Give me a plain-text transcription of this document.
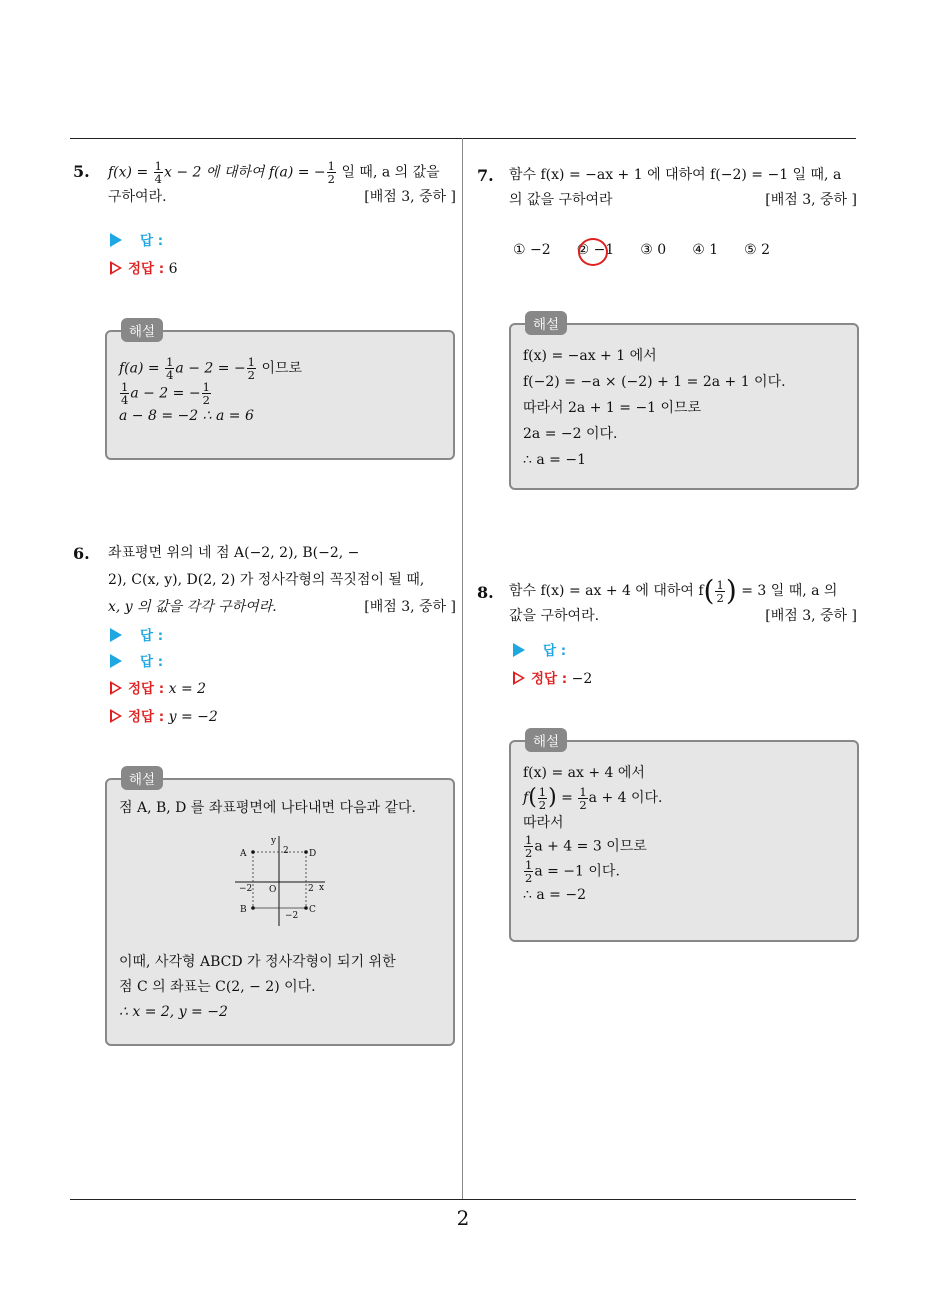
2
5. $f(x) = \frac{1}{4}$ x − 2 에 대하여 f(a) = − $\frac{1}{2}$ 일 때, a 의 값을
구하여라.	[배점 3, 중하 ]
답 :
정답 : 6
해설
$f(a) = \frac{1}{4}$ a − 2 = − $\frac{1}{2}$ 이므로
$\frac{1}{4}$ a − 2 = − $\frac{1}{2}$
a − 8 = −2 ∴ a = 6
6. 좌표평면 위의 네 점 A(−2, 2), B(−2, −
2), C(x, y), D(2, 2) 가 정사각형의 꼭짓점이 될 때,
x, y 의 값을 각각 구하여라.	[배점 3, 중하 ]
답 :
답 :
정답 : x = 2
정답 : y = −2
해설
점 A, B, D 를 좌표평면에 나타내면 다음과 같다.
y
2
A	D
O
−2	2 x
B	C
−2
이때, 사각형 ABCD 가 정사각형이 되기 위한
점 C 의 좌표는 C(2, − 2) 이다.
∴ x = 2, y = −2
7. 함수 f(x) = −ax + 1 에 대하여 f(−2) = −1 일 때, a
의 값을 구하여라	[배점 3, 중하 ]
① −2 ② −1 ③ 0 ④ 1 ⑤ 2
해설
f(x) = −ax + 1 에서
f(−2) = −a × (−2) + 1 = 2a + 1 이다.
따라서 2a + 1 = −1 이므로
2a = −2 이다.
∴ a = −1
8. 함수 f(x) = ax + 4 에 대하여 $f( \frac{1}{2}$ ) = 3 일 때, a 의
값을 구하여라.	[배점 3, 중하 ]
답 :
정답 : −2
해설
f(x) = ax + 4 에서
$f( \frac{1}{2}$ ) = $\frac{1}{2}$ a + 4 이다.
따라서
$\frac{1}{2}$ a + 4 = 3 이므로
$\frac{1}{2}$ a = −1 이다.
∴ a = −2
